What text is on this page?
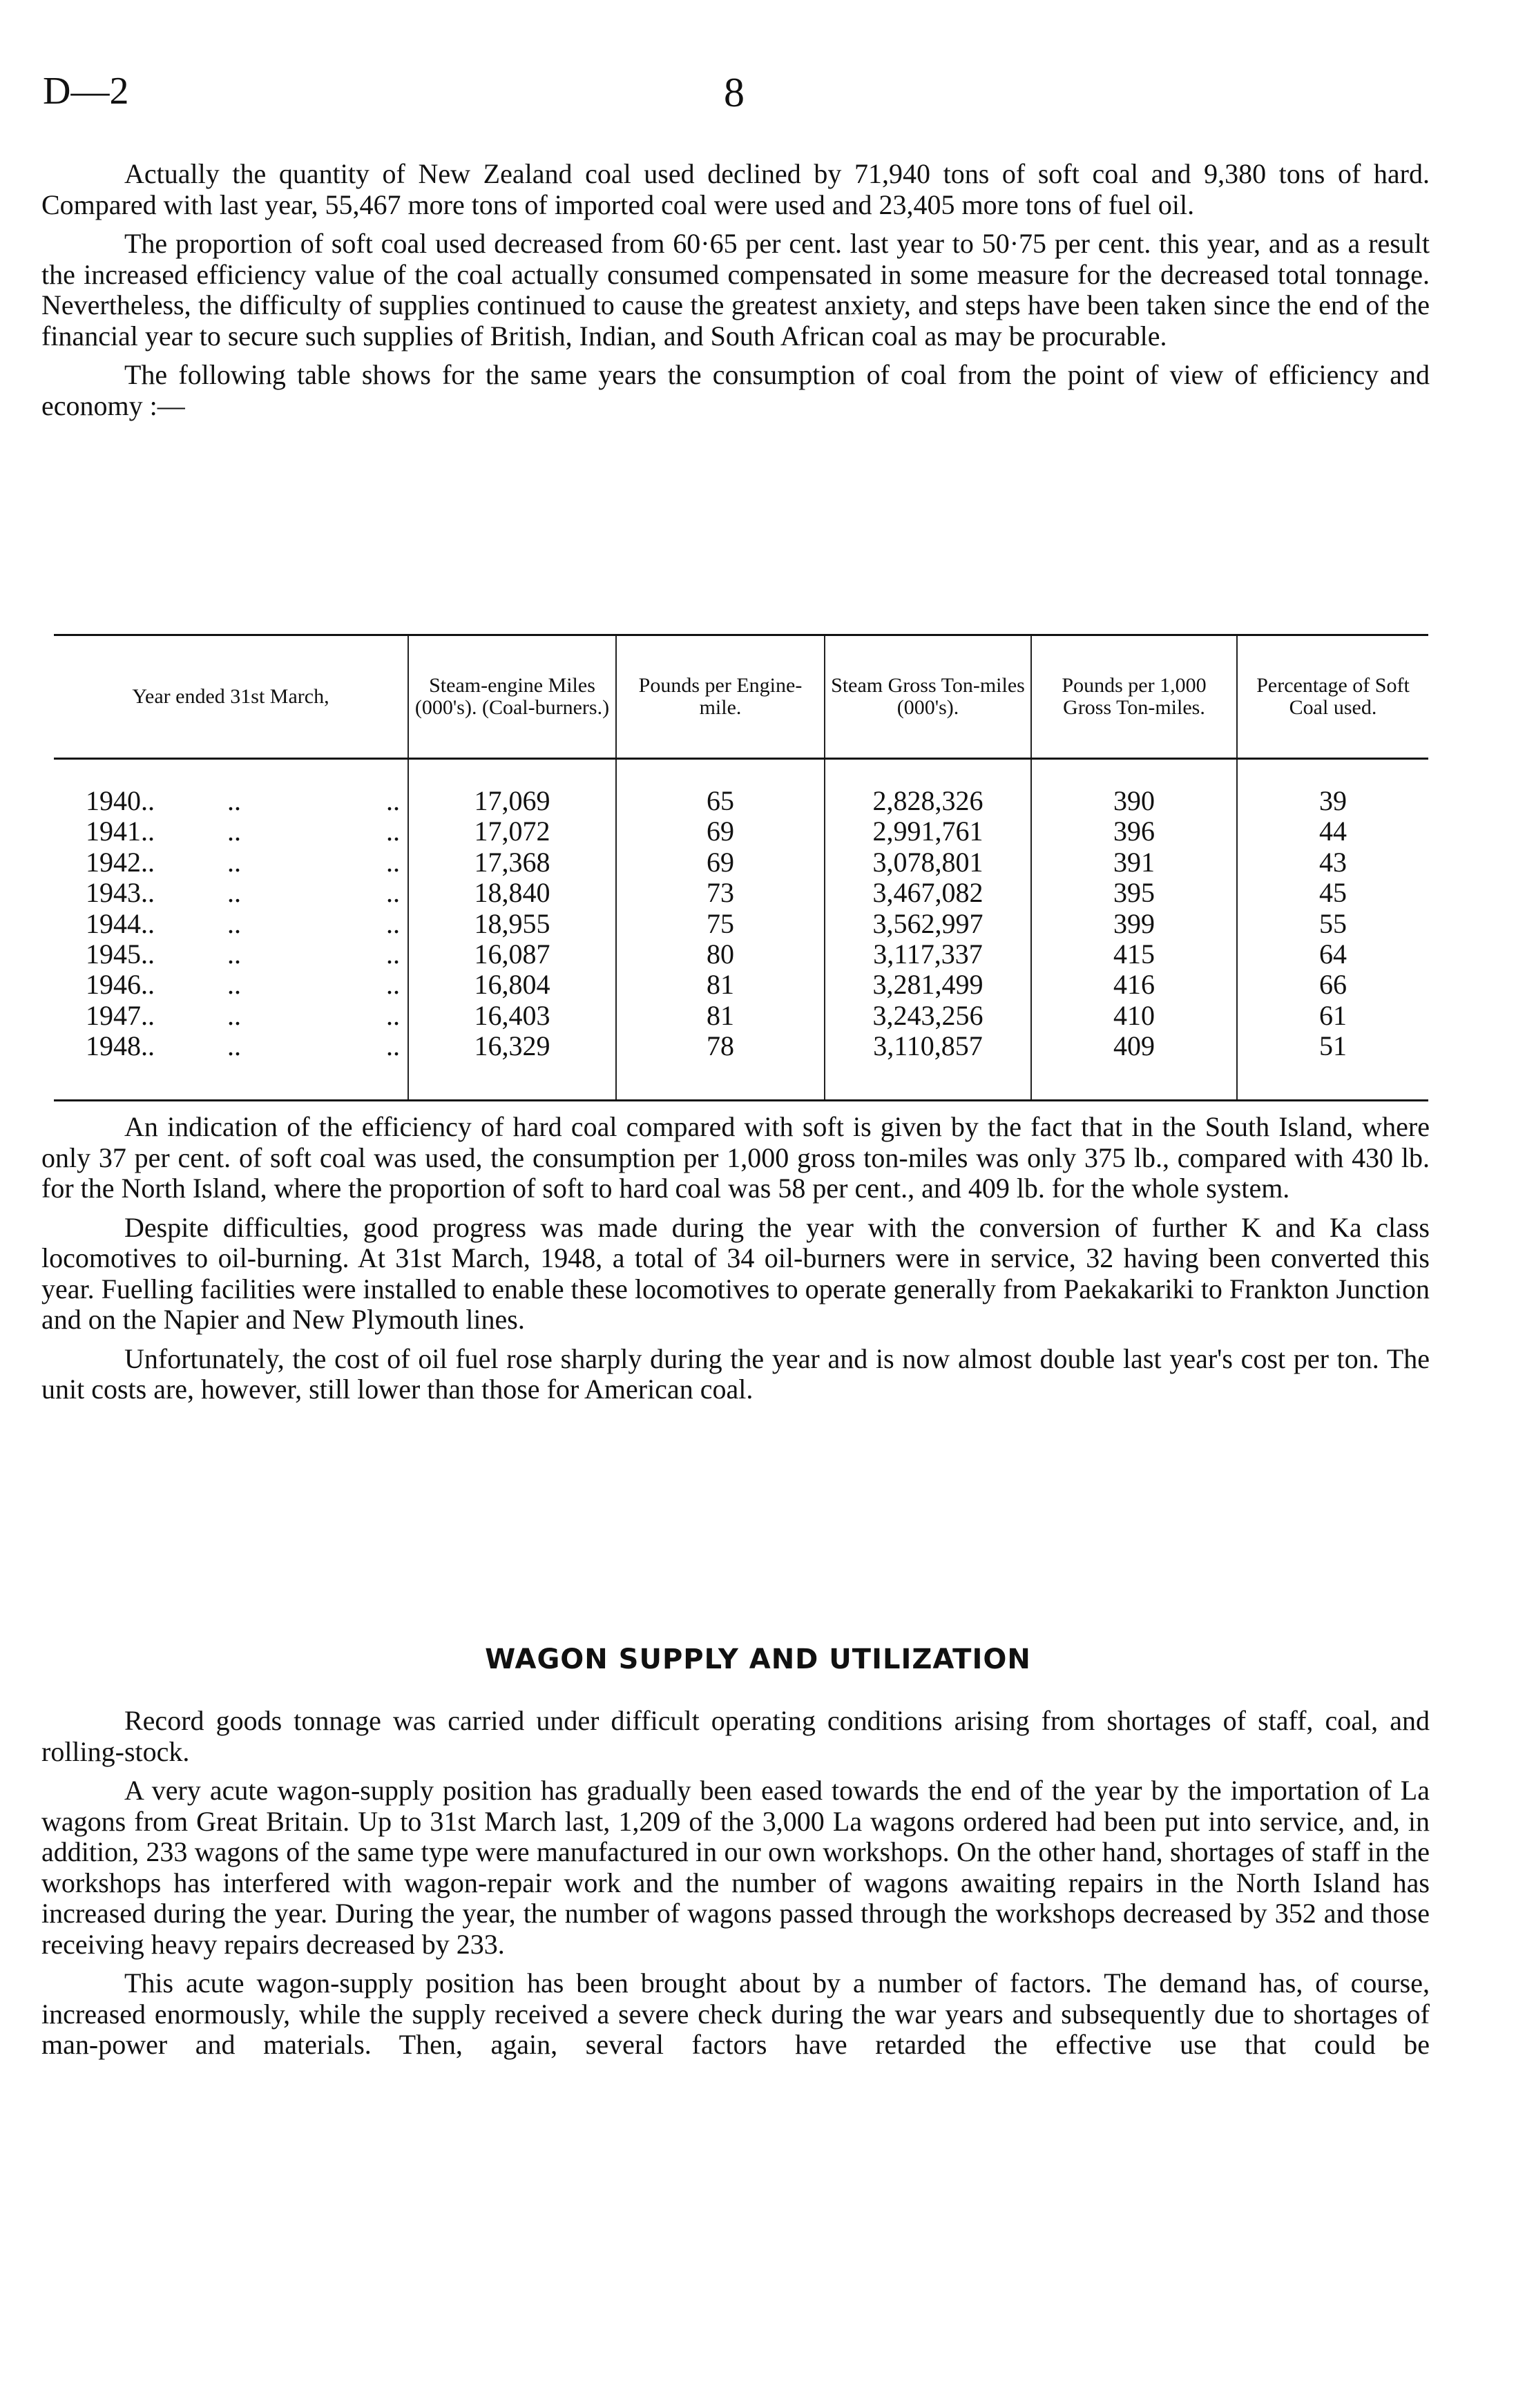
D—2	8

Actually the quantity of New Zealand coal used declined by 71,940 tons of soft coal and 9,380 tons of hard. Compared with last year, 55,467 more tons of imported coal were used and 23,405 more tons of fuel oil.

The proportion of soft coal used decreased from 60·65 per cent. last year to 50·75 per cent. this year, and as a result the increased efficiency value of the coal actually consumed compensated in some measure for the decreased total tonnage. Nevertheless, the difficulty of supplies continued to cause the greatest anxiety, and steps have been taken since the end of the financial year to secure such supplies of British, Indian, and South African coal as may be procurable.

The following table shows for the same years the consumption of coal from the point of view of efficiency and economy :—

Year ended 31st March,	Steam-engine Miles (000's). (Coal-burners.)	Pounds per Engine-mile.	Steam Gross Ton-miles (000's).	Pounds per 1,000 Gross Ton-miles.	Percentage of Soft Coal used.

1940.. .. ..	17,069	65	2,828,326	390	39
1941.. .. ..	17,072	69	2,991,761	396	44
1942.. .. ..	17,368	69	3,078,801	391	43
1943.. .. ..	18,840	73	3,467,082	395	45
1944.. .. ..	18,955	75	3,562,997	399	55
1945.. .. ..	16,087	80	3,117,337	415	64
1946.. .. ..	16,804	81	3,281,499	416	66
1947.. .. ..	16,403	81	3,243,256	410	61
1948.. .. ..	16,329	78	3,110,857	409	51

An indication of the efficiency of hard coal compared with soft is given by the fact that in the South Island, where only 37 per cent. of soft coal was used, the consumption per 1,000 gross ton-miles was only 375 lb., compared with 430 lb. for the North Island, where the proportion of soft to hard coal was 58 per cent., and 409 lb. for the whole system.

Despite difficulties, good progress was made during the year with the conversion of further K and Ka class locomotives to oil-burning. At 31st March, 1948, a total of 34 oil-burners were in service, 32 having been converted this year. Fuelling facilities were installed to enable these locomotives to operate generally from Paekakariki to Frankton Junction and on the Napier and New Plymouth lines.

Unfortunately, the cost of oil fuel rose sharply during the year and is now almost double last year's cost per ton. The unit costs are, however, still lower than those for American coal.

WAGON SUPPLY AND UTILIZATION

Record goods tonnage was carried under difficult operating conditions arising from shortages of staff, coal, and rolling-stock.

A very acute wagon-supply position has gradually been eased towards the end of the year by the importation of La wagons from Great Britain. Up to 31st March last, 1,209 of the 3,000 La wagons ordered had been put into service, and, in addition, 233 wagons of the same type were manufactured in our own workshops. On the other hand, shortages of staff in the workshops has interfered with wagon-repair work and the number of wagons awaiting repairs in the North Island has increased during the year. During the year, the number of wagons passed through the workshops decreased by 352 and those receiving heavy repairs decreased by 233.

This acute wagon-supply position has been brought about by a number of factors. The demand has, of course, increased enormously, while the supply received a severe check during the war years and subsequently due to shortages of man-power and materials. Then, again, several factors have retarded the effective use that could be
